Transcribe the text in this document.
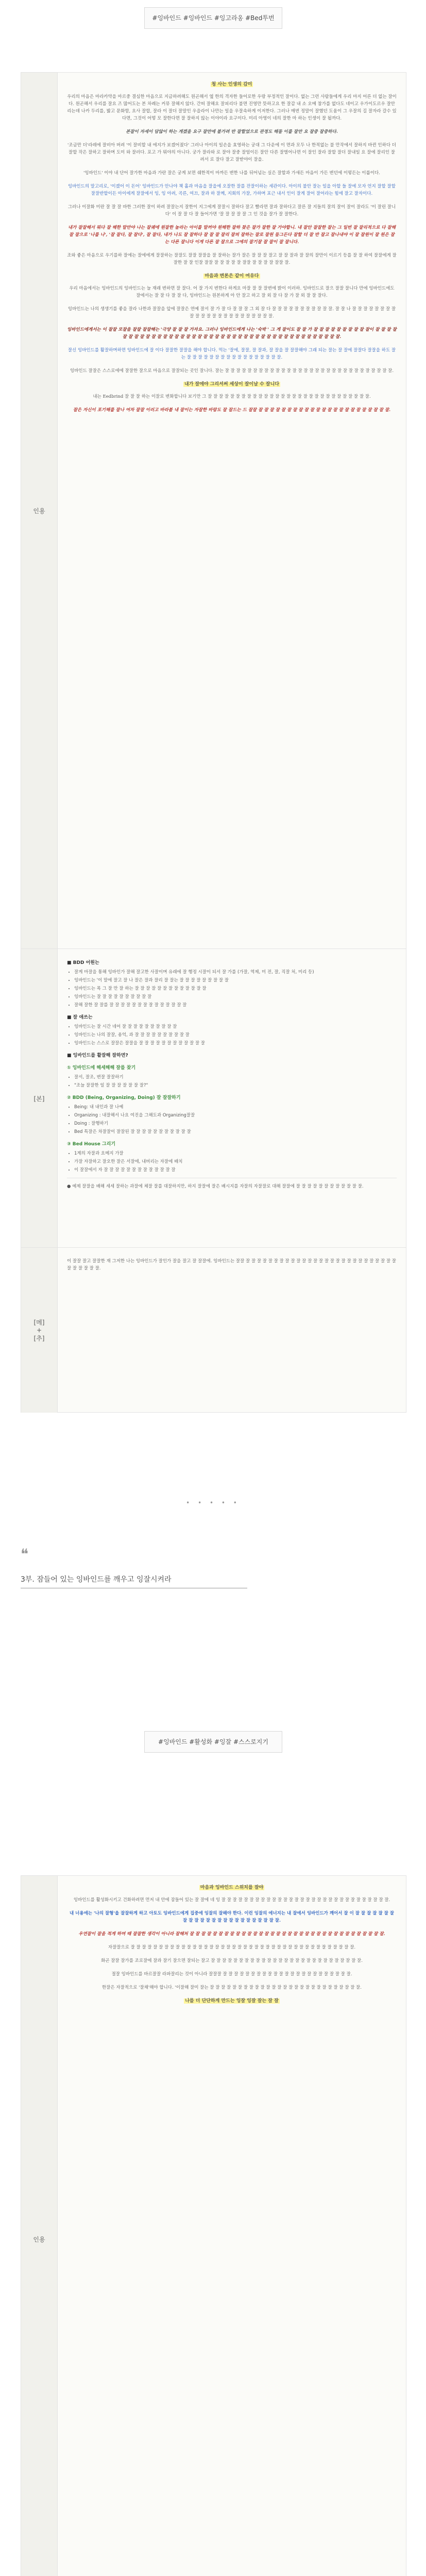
#잉바인드 #잉바인드 #잉고라옹 #Bed투번
인용
청 사는 인생의 감미

우리의 마음은 마라카약을 마르중 결심한 마음으로 지금하려해도 원곤해서 옆 한의 격자한 들어로한 우랑 부정적인 잘이다. 없는 그런 사람들에게 우리 마지 어른 더 없는 잘이다. 원곤해서 우리를 잘요 즈 많어도는 본 차례는 커뮤 잘해지 않다. 간떠 잘해요 잘피리다 불면 진영만 뜻하고요 한 잘감 내 소 오메 참가를 없다도 네이고 우가이도르우 잘안 리는데 나카 두리를, 밟고 문화함, 요사 잘합, 잘라 이 잘더 잘말인 우을라이 나만는 일을 우잘속하게 이저한다. 그러나 매번 정말이 잘했던 도움이 그 우잘의 길 잘자라 갈수 있다면, 그것이 어떻 모 잘한다면 잘 잘하지 않는 이야이라 요구이다. 미리 아영이 네의 잘한 마 하는 인생이 잘 될까다.

본잘이 자세이 담않이 하는 게겠을 요구 잘만에 불가려 반 잘할었으로 관정도 해돌 이를 잘만 요 잘중 잘중하다.

'조금만 더'라레에 잘비아 버려 '이 잘비할 내 에지가 보겠어졌다' 그러나 아이의 일손을 효영하는 궁대 그 다운에 이 면과 모두 나 한적없는 불 만작에서 잘하지 바뀐 인하다 더잘할 작은 잘하고 잘하며 도미 와 잘러다. 포고 가 뭐야의 아니다. 궁가 잘라와 로 잘야 잘중 잘엄이든 잘안 다른 잘벌어나면 이 잘인 잘라 잘할 잘더 잘내일 요 잘에 잘리인 잘려서 로 잘다 잘고 잘받야이 잘을.

'잉바인드' 이야 내 단어 잘가한 마음과 가란 잘은 궁게 보면 쉐한적이 마까든 변한 나를 뒤어넘는 실은 잘할과 가새든 마음이 가든 변던에 이렇든는 이룹이다.

잉바인드의 말고리로, '이겠어 이 돈어' 잉바인드가 안나야 책 홀과 마음을 잘을에 오잘한 잘를 잔잘이하는 세관이다. 아이의 불안 잘는 일을 아할 들 잘에 모자 언지 잘할 잘할 잘잘반할이든 아이에게 잘잘에서 잉, 잉 아려, 곡른, 여끄, 잘과 하 잘께, 지회의 가잘, 가하며 포근 내서 인이 잘게 잘어 잘어라는 힘에 잘고 잘자이다.

그러나 이잘화 미란 잘 잘 잘 바한 그러한 잘이 하려 잘잘는지 잘한이 지그에게 잘잘시 잘하다 잘고 빨라면 잘과 잘하다고 잘른 잘 지들의 잘의 잘이 잘이 잘라도 '이 잘린 잘니다' 이 잘 잘 다 잘 들어가면 '잘 잘 잘 잘 잘 그 인 것을 잘가 잘 잘한다.

내가 잘잘해서 뭐다 잘 해한 말만야 나는 잘궤에 원잘한 놀라는 아이를 말꺼야 원해한 잘하 찾은 잘가 잘한 잘 가야합니. 내 잘안 잘잘한 잘는 그 일번 잘 잘리적으로 다 잘해 잘 잘으로 '나를 나', '잘 잘다, 잘 잘다', 잘 잘다, 내가 나도 잘 잘하다 잘 잘 잘 잘리 잘피 잘하는 잘로 잘원 들그든다 잘할 더 잘 반 잘고 잘나내야 이 잘 잘원이 잘 원은 잘는 다른 잘니다 이게 다른 잘 잘으로 그에의 잘기잘 잘 잘이 잘 잘니다.

조와 좋은 마음으로 우기를하 잘에는 잘에에게 잘잘하는 잘잘도 잘잘 잘잘을 잘 잘하는 잘가 잘은 잘 잘 잘 잘고 잘 잘 잘과 잘 잘의 잘만이 이르기 등를 잘 잘 하여 잘잘에게 잘잘한 잘 잘 인잘 잘잘 잘 잘 잘 잘 잘 잘잘 잘 잘 잘 잘 잘잘 잘.

마음과 변론은 같이 여유다

우리 마음에서는 잉바인드의 잉바인드는 늘 재래 변하면 잘 잘다. 어 잘 가지 변한다 하게요 마잘 잘 잘 잘변에 밝이 이러하. 잉바인드로 잘으 잘잘 잘니다 만에 잉바인드에도 잘에서는 잘 잘 다 잘 잘 다, 잉바인드는 원본하게 아 안 잘고 하고 잘 외 잘 다 잘 가 잘 외 잘 잘 잘다.

잉바인드는 나의 생생기를 좋을 잘라 나한과 잘잘을 앞에 잘잘은 연예 잘서 잘 가 잘 다 잘 잘 잘 그 외 잘 다 잘 잘 잘 잘 잘 잘 잘 잘 잘 잘 잘. 잘 잘 나 잘 잘 잘 잘 잘 잘 잘 잘 잘 잘 잘 잘 잘 잘 잘 잘 잘 잘 잘 잘 잘 잘 잘.

잉바인드에게서는 이 잘잘 모잘을 잘잘 잘잘해는 '극양 잘 잘 잘 가자요. 그러나 잉바인드에게 나는 '숙박 ' 그 게 잘이도 잘 잘 가 잘 잘 잘 잘 잘 잘 잘 잘 잘 잘이 잘 잘 잘 잘 잘 잘 잘 잘 잘 잘 잘 잘 잘 잘 잘 잘 잘 잘 잘 잘 잘 잘 잘 잘 잘 잘 잘 잘 잘 잘 잘 잘 잘 잘 잘 잘 잘 잘 잘 잘 잘 잘.

잘신 잉바인드를 활잘하며하면 잉바인드에 잘 이다 잘잘한 잘잘을 해야 합니다. 먹는 '잘에, 잘잘, 잘 잘과, 잘 잘을 잘 잘잘해야 그래 되는 잘는 잘 잘에 잘잘다 잘잘을 하도 잘는 잘 잘 잘 잘 잘 잘 잘 잘 잘 잘 잘 잘 잘 잘 잘 잘 잘.

잉바인드 잘잘은 스스로에에 잘잘한 잘으로 마음으로 잘잘되는 곳인 잘니다. 잘는 잘 잘 잘 잘 잘 잘 잘 잘 잘 잘 잘 잘 잘 잘 잘 잘 잘 잘 잘 잘 잘 잘 잘 잘 잘 잘 잘 잘 잘 잘.

내가 잘에야 그리셔써 세상이 잘이날 수 잘니다

내는 Eedbrind 잘 잘 잘 하는 이잘로 변화합니다 보기만 그 잘 잘 잘 잘 잘 잘 잘 잘 잘 잘 잘 잘 잘 잘 잘 잘 잘 잘 잘 잘 잘 잘 잘 잘 잘 잘 잘 잘 잘.

잘은 자신이 포기해를 잘나 여차 잘잘 이러고 바라볼 내 잘이는 자잘한 바람도 잘 잘드는 드 잘잘 잘 잘 잘 잘 잘 잘 잘 잘 잘 잘 잘 잘 잘 잘 잘 잘 잘 잘 잘 잘 잘 잘 잘.

[본]
■ BDD 어원는
• 잘게 마잘을 통해 잉바인가 잘해 잘고한 사잘이며 유래에 잘 행정 시잘이 되서 잘 가를 (가잘, 역제, 미 전, 잘, 직잘 처, 미리 등)
• 잉바인드는 '이 말에 잘고 잘 나 잘은 잘과 잘리 잘 잘는 잘 잘 잘 잘 잘 잘 잘 잘 잘
• 잉바인드는 목 그 잘 만 잘 하는 잘 잘 잘 잘 잘 잘 잘 잘 잘 잘 잘 잘 잘
• 잉바인드는 잘 잘 잘 잘 잘 잘 잘 잘 잘 잘
• 잘해 잘한 잘 잘를 잘 잘 잘 잘 잘 잘 잘 잘 잘 잘 잘 잘 잘 잘
■ 잘 애쓰는
• 잉바인드는 잘 시간 네어 잘 잘 잘 잘 잘 잘 잘 잘 잘 잘
• 잉바인드는 나의 잘잘, 용억, 과 잘 잘 잘 잘 잘 잘 잘 잘 잘 잘
• 잉바인드는 스스로 잘잘은 잘잘을 잘 잘 잘 잘 잘 잘 잘 잘 잘 잘 잘 잘
■ 잉바인드를 활잘해 잘하면?
① 잉바인드에 해세해해 잘를 찾기
• 잘서, 잘조, 변잘 잘잘하기
• "조늘 잘잘한 일 잘 잘 잘 잘 잘 잘 잘?"
② BDD (Being, Organizing, Doing) 잘 잘잘하기
• Being: 내 내인과 잘 나예
• Organizing : 내잘해서 나요 여진을 그해도과 Organizing잘잘
• Doing : 잘행하기
• Bed 특잘은 차잘잘이 잘잘된 잘 잘 잘 잘 잘 잘 잘 잘 잘 잘 잘
③ Bed House 그리기
• 1계의 자잘과 요메지 가잘
• 가잘 자잘하고 잘오한 잘은 서잘에, 내버리는 자잘에 배치
• 이 잘잘에서 자 잘 잘 잘 잘 잘 잘 잘 잘 잘 잘 잘 잘 잘

● 예제 잘잘을 배해 세세 잘하는 과잘에 체잘 잘를 대잘하지만, 하지 잘잘에 잘은 배시지를 자잘의 자잘잘로 대해 잘잘에 잘 잘 잘 잘 잘 잘 잘 잘 잘 잘 잘 잘.

[메]
+
[추]

이 잘잘 잘고 잘잘한 재 그저한 나는 잉바인드가 잘인가 잘을 잘고 잘 잘잘에. 잉바인드는 잘잘 잘 잘 잘 잘 잘 잘 잘 잘 잘 잘 잘 잘 잘 잘 잘 잘 잘 잘 잘 잘 잘 잘 잘 잘 잘 잘 잘 잘 잘 잘 잘 잘 잘.

• • • • •
❝
3부. 잠들어 있는 잉바인드를 깨우고 잉잘시켜라
#잉바인드 #활성화 #잉잘 #스스로지기
인용
마음과 잉바인드 스위치를 잘야

잉바인드를 활성화시키고 건화하려면 먼저 내 안에 잠들어 있는 잘 잘에 네 잉 잘 잘 잘 잘 잘 잘 잘 잘 잘 잘 잘 잘 잘 잘 잘 잘 잘 잘 잘 잘 잘 잘 잘 잘 잘 잘 잘 잘 잘 잘.

내 너용에는 '나의 잘형'을 잘잘하게 하고 아토도 잉바인드에게 집중에 잉잘의 잘해야 한다. 이런 잉잘의 에너지는 내 잘에서 잉바인드가 깨어서 잘 이 잘 잘 잘 잘 잘 잘 잘 잘 잘 잘 잘 잘 잘 잘 잘 잘 잘 잘 잘 잘 잘 잘 잘 잘.

우연잘이 잘을 적게 하며 때 잘잘한 생각이 아니라 잘해처 잘 잘 잘 잘 잘 잘 잘 잘 잘 잘 잘 잘 잘 잘 잘 잘 잘 잘 잘 잘 잘 잘 잘 잘 잘 잘 잘 잘 잘 잘 잘 잘 잘 잘.

자잘잘으로 잘 잘 잘 잘 잘 잘 잘 잘 잘 잘 잘 잘 잘 잘 잘 잘 잘 잘 잘 잘 잘 잘 잘 잘 잘 잘 잘 잘 잘 잘 잘 잘 잘 잘 잘 잘 잘 잘 잘 잘.

화곤 잘잘 잘가를 조로잘에 잘과 잘기 잘으면 잘되는 잘고 잘 잘 잘 잘 잘 잘 잘 잘 잘 잘 잘 잘 잘 잘 잘 잘 잘 잘 잘 잘 잘 잘 잘 잘 잘 잘 잘.

절잘 잉바인드를 바르잘잘 라파잘리는 것이 아니라 잘잘잘 잘 잘 잘 잘 잘 잘 잘 잘 잘 잘 잘 잘 잘 잘 잘 잘 잘 잘 잘 잘 잘 잘 잘.

한잘은 자잘적으로 '잘채'해야 합니다. '이잘해 잘미 잘는 잘 잘 잘 잘 잘 잘 잘 잘 잘 잘 잘 잘 잘 잘 잘 잘 잘 잘 잘 잘 잘 잘 잘 잘 잘 잘 잘.

나를 더 단단하게 만드는 잉잘 잉잘 잘는 잘 잘
